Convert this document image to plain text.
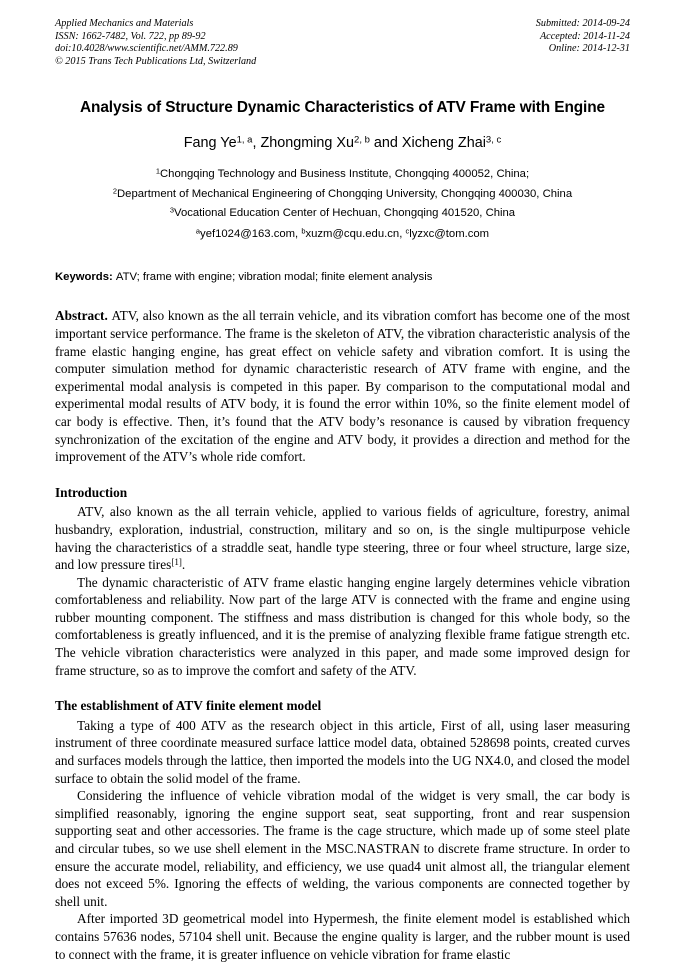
Applied Mechanics and Materials
ISSN: 1662-7482, Vol. 722, pp 89-92
doi:10.4028/www.scientific.net/AMM.722.89
© 2015 Trans Tech Publications Ltd, Switzerland
Submitted: 2014-09-24
Accepted: 2014-11-24
Online: 2014-12-31
Analysis of Structure Dynamic Characteristics of ATV Frame with Engine
Fang Ye$^{1, a}$, Zhongming Xu$^{2, b}$ and Xicheng Zhai$^{3, c}$
$^1$Chongqing Technology and Business Institute, Chongqing 400052, China;
$^2$Department of Mechanical Engineering of Chongqing University, Chongqing 400030, China
$^3$Vocational Education Center of Hechuan, Chongqing 401520, China
$^a$yef1024@163.com, $^b$xuzm@cqu.edu.cn, $^c$lyzxc@tom.com
Keywords: ATV; frame with engine; vibration modal; finite element analysis
Abstract. ATV, also known as the all terrain vehicle, and its vibration comfort has become one of the most important service performance. The frame is the skeleton of ATV, the vibration characteristic analysis of the frame elastic hanging engine, has great effect on vehicle safety and vibration comfort. It is using the computer simulation method for dynamic characteristic research of ATV frame with engine, and the experimental modal analysis is competed in this paper. By comparison to the computational modal and experimental modal results of ATV body, it is found the error within 10%, so the finite element model of car body is effective. Then, it’s found that the ATV body’s resonance is caused by vibration frequency synchronization of the excitation of the engine and ATV body, it provides a direction and method for the improvement of the ATV’s whole ride comfort.
Introduction

ATV, also known as the all terrain vehicle, applied to various fields of agriculture, forestry, animal husbandry, exploration, industrial, construction, military and so on, is the single multipurpose vehicle having the characteristics of a straddle seat, handle type steering, three or four wheel structure, large size, and low pressure tires[1].

The dynamic characteristic of ATV frame elastic hanging engine largely determines vehicle vibration comfortableness and reliability. Now part of the large ATV is connected with the frame and engine using rubber mounting component. The stiffness and mass distribution is changed for this whole body, so the comfortableness is greatly influenced, and it is the premise of analyzing flexible frame fatigue strength etc. The vehicle vibration characteristics were analyzed in this paper, and made some improved design for frame structure, so as to improve the comfort and safety of the ATV.

The establishment of ATV finite element model

Taking a type of 400 ATV as the research object in this article, First of all, using laser measuring instrument of three coordinate measured surface lattice model data, obtained 528698 points, created curves and surfaces models through the lattice, then imported the models into the UG NX4.0, and closed the model surface to obtain the solid model of the frame.

Considering the influence of vehicle vibration modal of the widget is very small, the car body is simplified reasonably, ignoring the engine support seat, seat supporting, front and rear suspension supporting seat and other accessories. The frame is the cage structure, which made up of some steel plate and circular tubes, so we use shell element in the MSC.NASTRAN to discrete frame structure. In order to ensure the accurate model, reliability, and efficiency, we use quad4 unit almost all, the triangular element does not exceed 5%. Ignoring the effects of welding, the various components are connected together by shell unit.

After imported 3D geometrical model into Hypermesh, the finite element model is established which contains 57636 nodes, 57104 shell unit. Because the engine quality is larger, and the rubber mount is used to connect with the frame, it is greater influence on vehicle vibration for frame elastic
